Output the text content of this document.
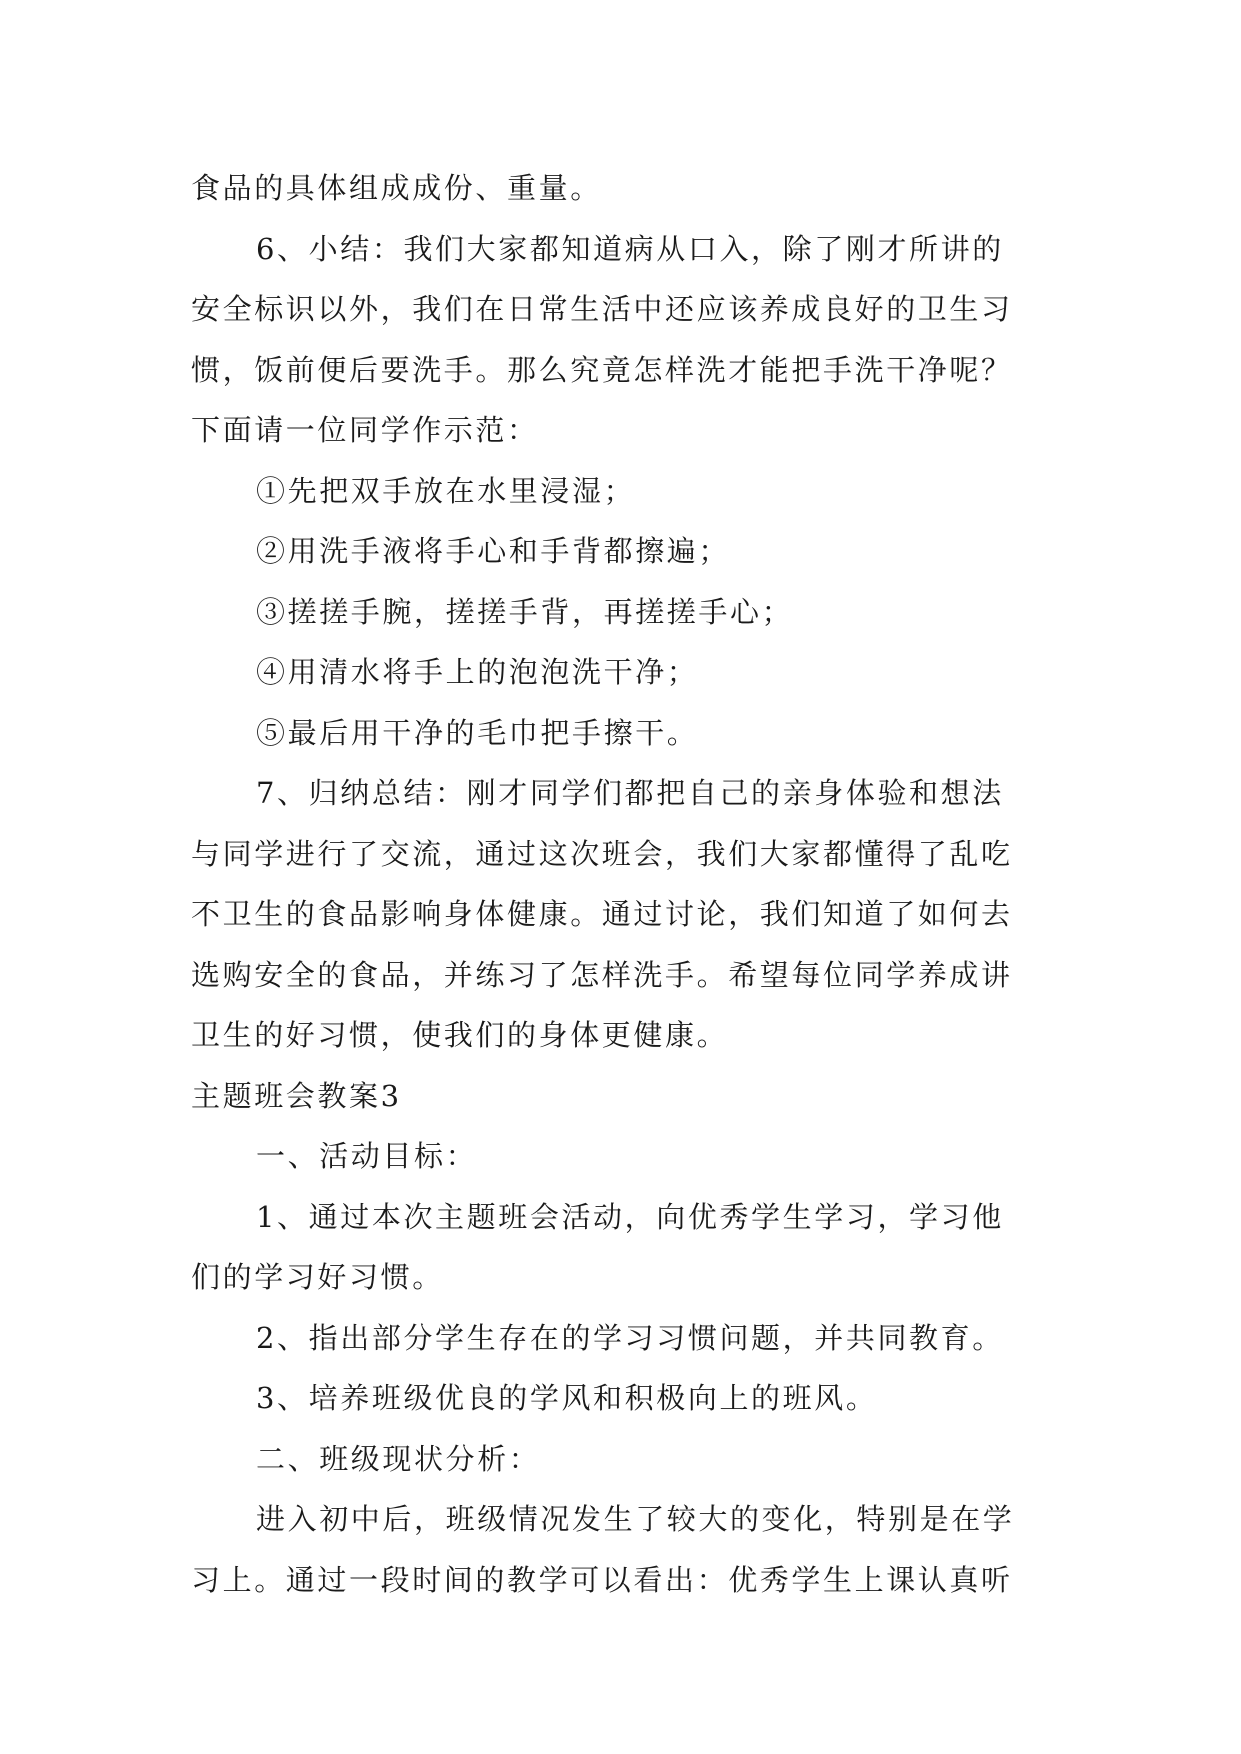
食品的具体组成成份、重量。
6、小结：我们大家都知道病从口入，除了刚才所讲的
安全标识以外，我们在日常生活中还应该养成良好的卫生习
惯，饭前便后要洗手。那么究竟怎样洗才能把手洗干净呢？
下面请一位同学作示范：
①先把双手放在水里浸湿；
②用洗手液将手心和手背都擦遍；
③搓搓手腕，搓搓手背，再搓搓手心；
④用清水将手上的泡泡洗干净；
⑤最后用干净的毛巾把手擦干。
7、归纳总结：刚才同学们都把自己的亲身体验和想法
与同学进行了交流，通过这次班会，我们大家都懂得了乱吃
不卫生的食品影响身体健康。通过讨论，我们知道了如何去
选购安全的食品，并练习了怎样洗手。希望每位同学养成讲
卫生的好习惯，使我们的身体更健康。
主题班会教案3
一、活动目标：
1、通过本次主题班会活动，向优秀学生学习，学习他
们的学习好习惯。
2、指出部分学生存在的学习习惯问题，并共同教育。
3、培养班级优良的学风和积极向上的班风。
二、班级现状分析：
进入初中后，班级情况发生了较大的变化，特别是在学
习上。通过一段时间的教学可以看出：优秀学生上课认真听
